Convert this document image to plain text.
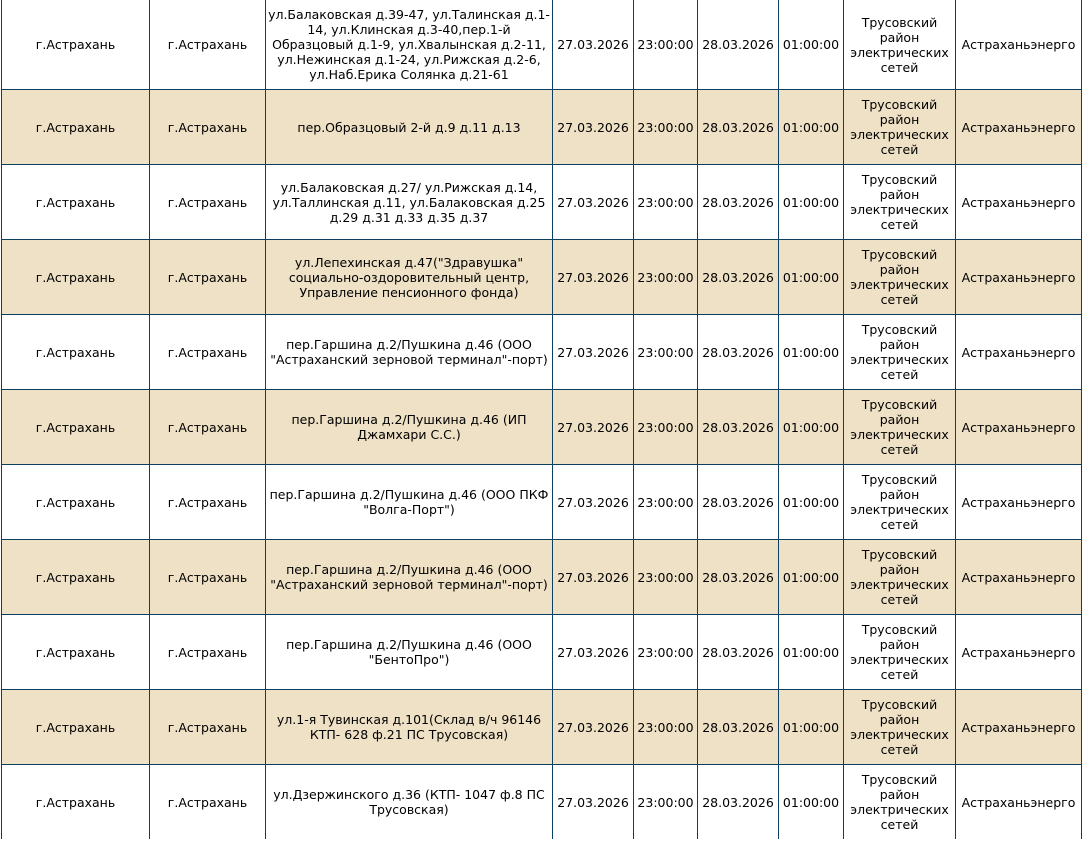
г.Астрахань	г.Астрахань	ул.Балаковская д.39-47, ул.Талинская д.1-14, ул.Клинская д.3-40,пер.1-й Образцовый д.1-9, ул.Хвалынская д.2-11, ул.Нежинская д.1-24, ул.Рижская д.2-6, ул.Наб.Ерика Солянка д.21-61	27.03.2026	23:00:00	28.03.2026	01:00:00	Трусовский район электрических сетей	Астраханьэнерго
г.Астрахань	г.Астрахань	пер.Образцовый 2-й д.9 д.11 д.13	27.03.2026	23:00:00	28.03.2026	01:00:00	Трусовский район электрических сетей	Астраханьэнерго
г.Астрахань	г.Астрахань	ул.Балаковская д.27/ ул.Рижская д.14, ул.Таллинская д.11, ул.Балаковская д.25 д.29 д.31 д.33 д.35 д.37	27.03.2026	23:00:00	28.03.2026	01:00:00	Трусовский район электрических сетей	Астраханьэнерго
г.Астрахань	г.Астрахань	ул.Лепехинская д.47("Здравушка" социально-оздоровительный центр, Управление пенсионного фонда)	27.03.2026	23:00:00	28.03.2026	01:00:00	Трусовский район электрических сетей	Астраханьэнерго
г.Астрахань	г.Астрахань	пер.Гаршина д.2/Пушкина д.46 (ООО "Астраханский зерновой терминал"-порт)	27.03.2026	23:00:00	28.03.2026	01:00:00	Трусовский район электрических сетей	Астраханьэнерго
г.Астрахань	г.Астрахань	пер.Гаршина д.2/Пушкина д.46 (ИП Джамхари С.С.)	27.03.2026	23:00:00	28.03.2026	01:00:00	Трусовский район электрических сетей	Астраханьэнерго
г.Астрахань	г.Астрахань	пер.Гаршина д.2/Пушкина д.46 (ООО ПКФ "Волга-Порт")	27.03.2026	23:00:00	28.03.2026	01:00:00	Трусовский район электрических сетей	Астраханьэнерго
г.Астрахань	г.Астрахань	пер.Гаршина д.2/Пушкина д.46 (ООО "Астраханский зерновой терминал"-порт)	27.03.2026	23:00:00	28.03.2026	01:00:00	Трусовский район электрических сетей	Астраханьэнерго
г.Астрахань	г.Астрахань	пер.Гаршина д.2/Пушкина д.46 (ООО "БентоПро")	27.03.2026	23:00:00	28.03.2026	01:00:00	Трусовский район электрических сетей	Астраханьэнерго
г.Астрахань	г.Астрахань	ул.1-я Тувинская д.101(Склад в/ч 96146 КТП- 628 ф.21 ПС Трусовская)	27.03.2026	23:00:00	28.03.2026	01:00:00	Трусовский район электрических сетей	Астраханьэнерго
г.Астрахань	г.Астрахань	ул.Дзержинского д.36 (КТП- 1047 ф.8 ПС Трусовская)	27.03.2026	23:00:00	28.03.2026	01:00:00	Трусовский район электрических сетей	Астраханьэнерго
